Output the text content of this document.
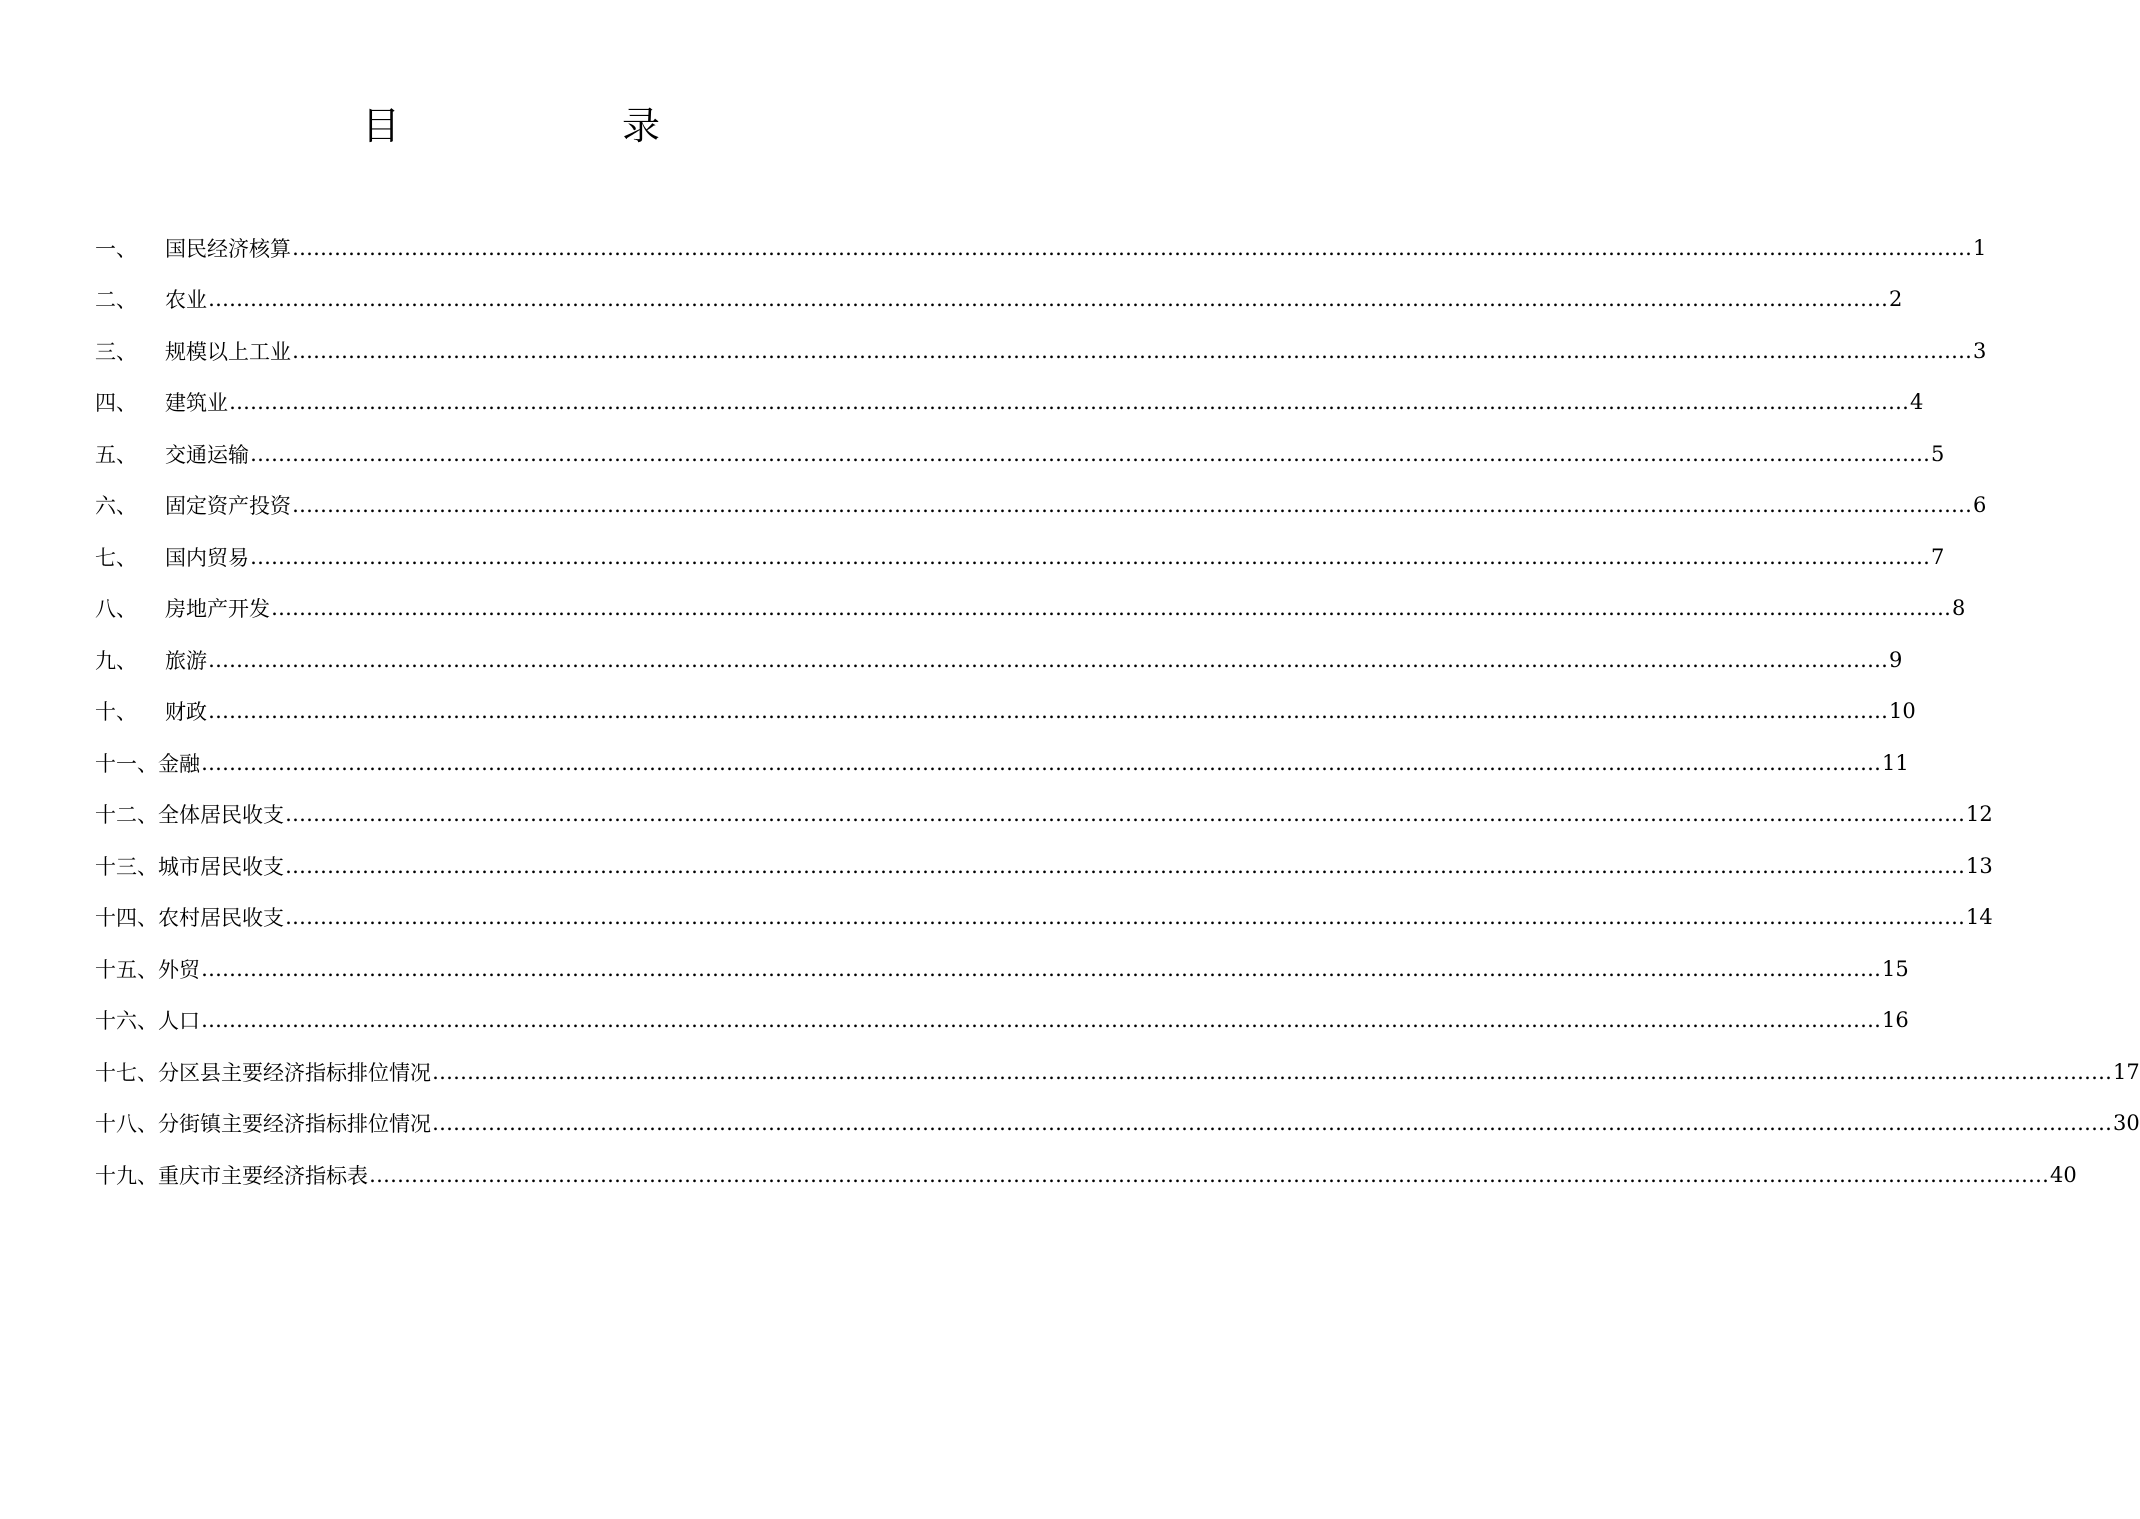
目	录
一、	国民经济核算 …………………………………………………………………………………………………………………………………………………………………………………………………………………… 1
二、	农业 …………………………………………………………………………………………………………………………………………………………………………………………………………………… 2
三、	规模以上工业 …………………………………………………………………………………………………………………………………………………………………………………………………………………… 3
四、	建筑业 …………………………………………………………………………………………………………………………………………………………………………………………………………………… 4
五、	交通运输 …………………………………………………………………………………………………………………………………………………………………………………………………………………… 5
六、	固定资产投资 …………………………………………………………………………………………………………………………………………………………………………………………………………………… 6
七、	国内贸易 …………………………………………………………………………………………………………………………………………………………………………………………………………………… 7
八、	房地产开发 …………………………………………………………………………………………………………………………………………………………………………………………………………………… 8
九、	旅游 …………………………………………………………………………………………………………………………………………………………………………………………………………………… 9
十、	财政 …………………………………………………………………………………………………………………………………………………………………………………………………………………… 10
十一、 金融 …………………………………………………………………………………………………………………………………………………………………………………………………………………… 11
十二、 全体居民收支 …………………………………………………………………………………………………………………………………………………………………………………………………………………… 12
十三、 城市居民收支 …………………………………………………………………………………………………………………………………………………………………………………………………………………… 13
十四、 农村居民收支 …………………………………………………………………………………………………………………………………………………………………………………………………………………… 14
十五、 外贸 …………………………………………………………………………………………………………………………………………………………………………………………………………………… 15
十六、 人口 …………………………………………………………………………………………………………………………………………………………………………………………………………………… 16
十七、 分区县主要经济指标排位情况 …………………………………………………………………………………………………………………………………………………………………………………………………………………… 17
十八、 分街镇主要经济指标排位情况 …………………………………………………………………………………………………………………………………………………………………………………………………………………… 30
十九、 重庆市主要经济指标表 …………………………………………………………………………………………………………………………………………………………………………………………………………………… 40
